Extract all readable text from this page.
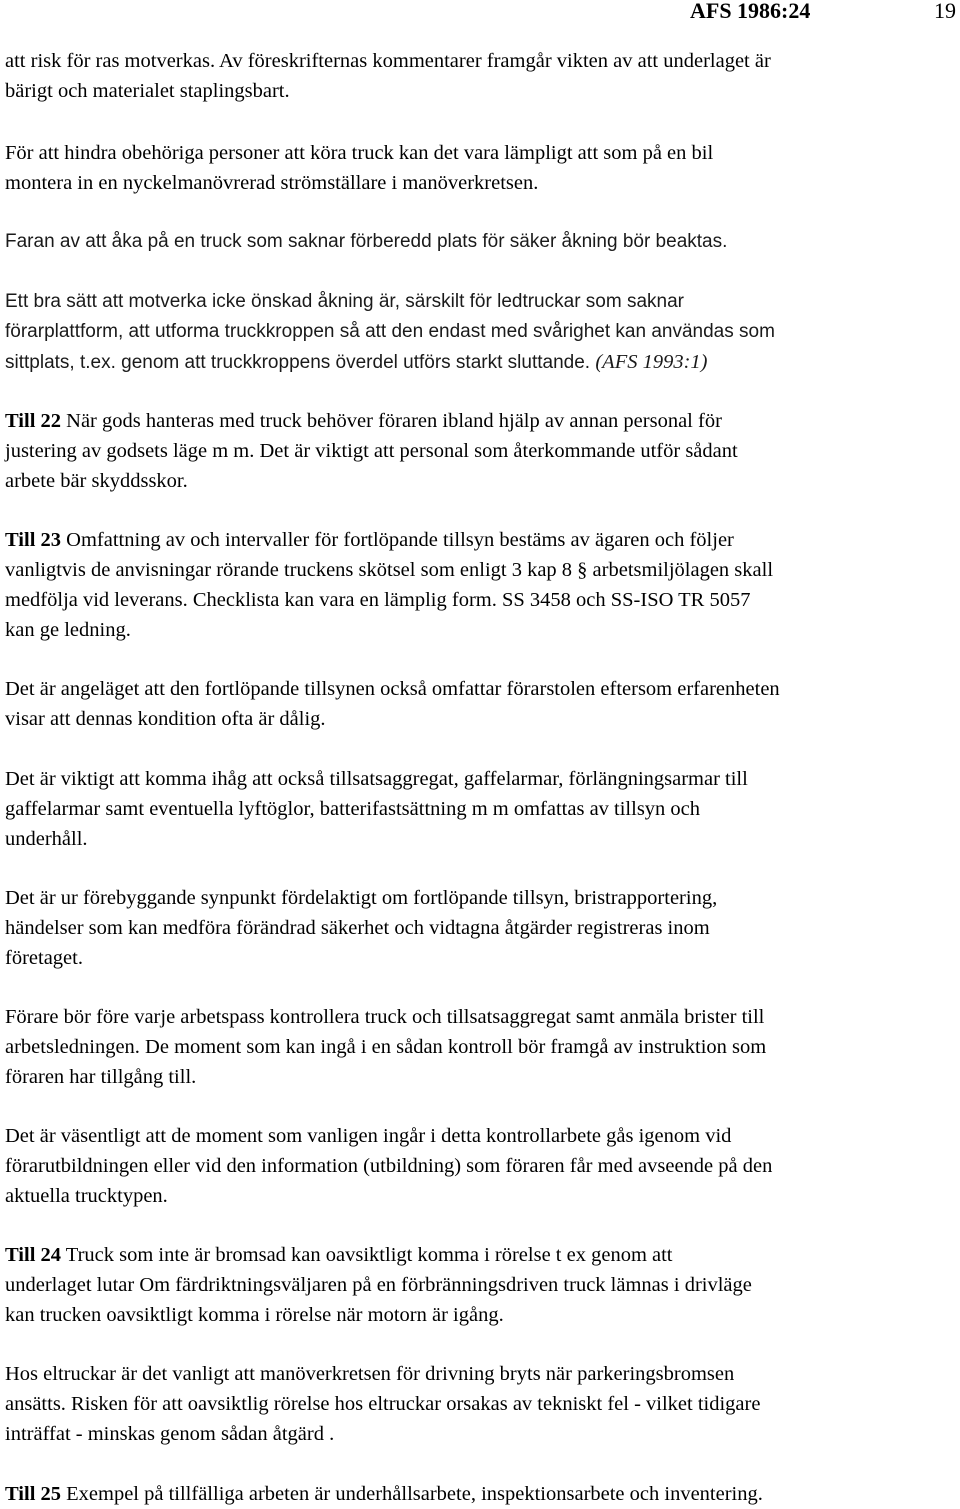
AFS 1986:24	19
att risk för ras motverkas. Av föreskrifternas kommentarer framgår vikten av att underlaget är
bärigt och materialet staplingsbart.
För att hindra obehöriga personer att köra truck kan det vara lämpligt att som på en bil
montera in en nyckelmanövrerad strömställare i manöverkretsen.
Faran av att åka på en truck som saknar förberedd plats för säker åkning bör beaktas.
Ett bra sätt att motverka icke önskad åkning är, särskilt för ledtruckar som saknar
förarplattform, att utforma truckkroppen så att den endast med svårighet kan användas som
sittplats, t.ex. genom att truckkroppens överdel utförs starkt sluttande. (AFS 1993:1)
Till 22 När gods hanteras med truck behöver föraren ibland hjälp av annan personal för
justering av godsets läge m m. Det är viktigt att personal som återkommande utför sådant
arbete bär skyddsskor.
Till 23 Omfattning av och intervaller för fortlöpande tillsyn bestäms av ägaren och följer
vanligtvis de anvisningar rörande truckens skötsel som enligt 3 kap 8 § arbetsmiljölagen skall
medfölja vid leverans. Checklista kan vara en lämplig form. SS 3458 och SS-ISO TR 5057
kan ge ledning.
Det är angeläget att den fortlöpande tillsynen också omfattar förarstolen eftersom erfarenheten
visar att dennas kondition ofta är dålig.
Det är viktigt att komma ihåg att också tillsatsaggregat, gaffelarmar, förlängningsarmar till
gaffelarmar samt eventuella lyftöglor, batterifastsättning m m omfattas av tillsyn och
underhåll.
Det är ur förebyggande synpunkt fördelaktigt om fortlöpande tillsyn, bristrapportering,
händelser som kan medföra förändrad säkerhet och vidtagna åtgärder registreras inom
företaget.
Förare bör före varje arbetspass kontrollera truck och tillsatsaggregat samt anmäla brister till
arbetsledningen. De moment som kan ingå i en sådan kontroll bör framgå av instruktion som
föraren har tillgång till.
Det är väsentligt att de moment som vanligen ingår i detta kontrollarbete gås igenom vid
förarutbildningen eller vid den information (utbildning) som föraren får med avseende på den
aktuella trucktypen.
Till 24 Truck som inte är bromsad kan oavsiktligt komma i rörelse t ex genom att
underlaget lutar Om färdriktningsväljaren på en förbränningsdriven truck lämnas i drivläge
kan trucken oavsiktligt komma i rörelse när motorn är igång.
Hos eltruckar är det vanligt att manöverkretsen för drivning bryts när parkeringsbromsen
ansätts. Risken för att oavsiktlig rörelse hos eltruckar orsakas av tekniskt fel - vilket tidigare
inträffat - minskas genom sådan åtgärd .
Till 25 Exempel på tillfälliga arbeten är underhållsarbete, inspektionsarbete och inventering.
